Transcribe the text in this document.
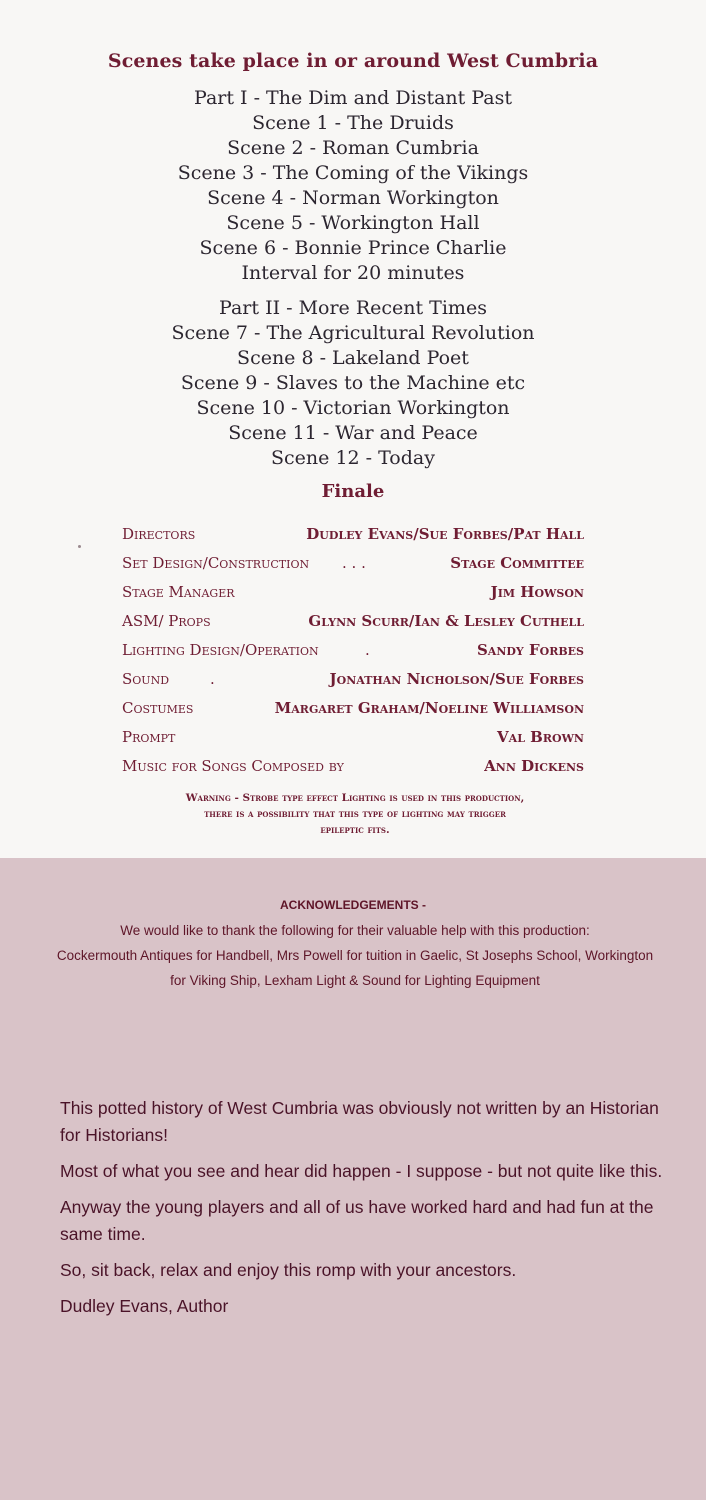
Scenes take place in or around West Cumbria
Part I - The Dim and Distant Past
Scene 1 - The Druids
Scene 2 - Roman Cumbria
Scene 3 - The Coming of the Vikings
Scene 4 - Norman Workington
Scene 5 - Workington Hall
Scene 6 - Bonnie Prince Charlie
Interval for 20 minutes
Part II - More Recent Times
Scene 7 - The Agricultural Revolution
Scene 8 - Lakeland Poet
Scene 9 - Slaves to the Machine etc
Scene 10 - Victorian Workington
Scene 11 - War and Peace
Scene 12 - Today
Finale
Directors	Dudley Evans/Sue Forbes/Pat Hall
Set Design/Construction . . .	Stage Committee
Stage Manager	Jim Howson
ASM/ Props	Glynn Scurr/Ian & Lesley Cuthell
Lighting Design/Operation	.	Sandy Forbes
Sound	.	Jonathan Nicholson/Sue Forbes
Costumes	Margaret Graham/Noeline Williamson
Prompt	Val Brown
Music for Songs Composed by	Ann Dickens
Warning - Strobe type effect Lighting is used in this production,
there is a possibility that this type of lighting may trigger
epileptic fits.
ACKNOWLEDGEMENTS -
We would like to thank the following for their valuable help with this production:
Cockermouth Antiques for Handbell, Mrs Powell for tuition in Gaelic, St Josephs School, Workington for Viking Ship, Lexham Light & Sound for Lighting Equipment

This potted history of West Cumbria was obviously not written by an Historian for Historians!

Most of what you see and hear did happen - I suppose - but not quite like this.

Anyway the young players and all of us have worked hard and had fun at the same time.

So, sit back, relax and enjoy this romp with your ancestors.

Dudley Evans, Author
